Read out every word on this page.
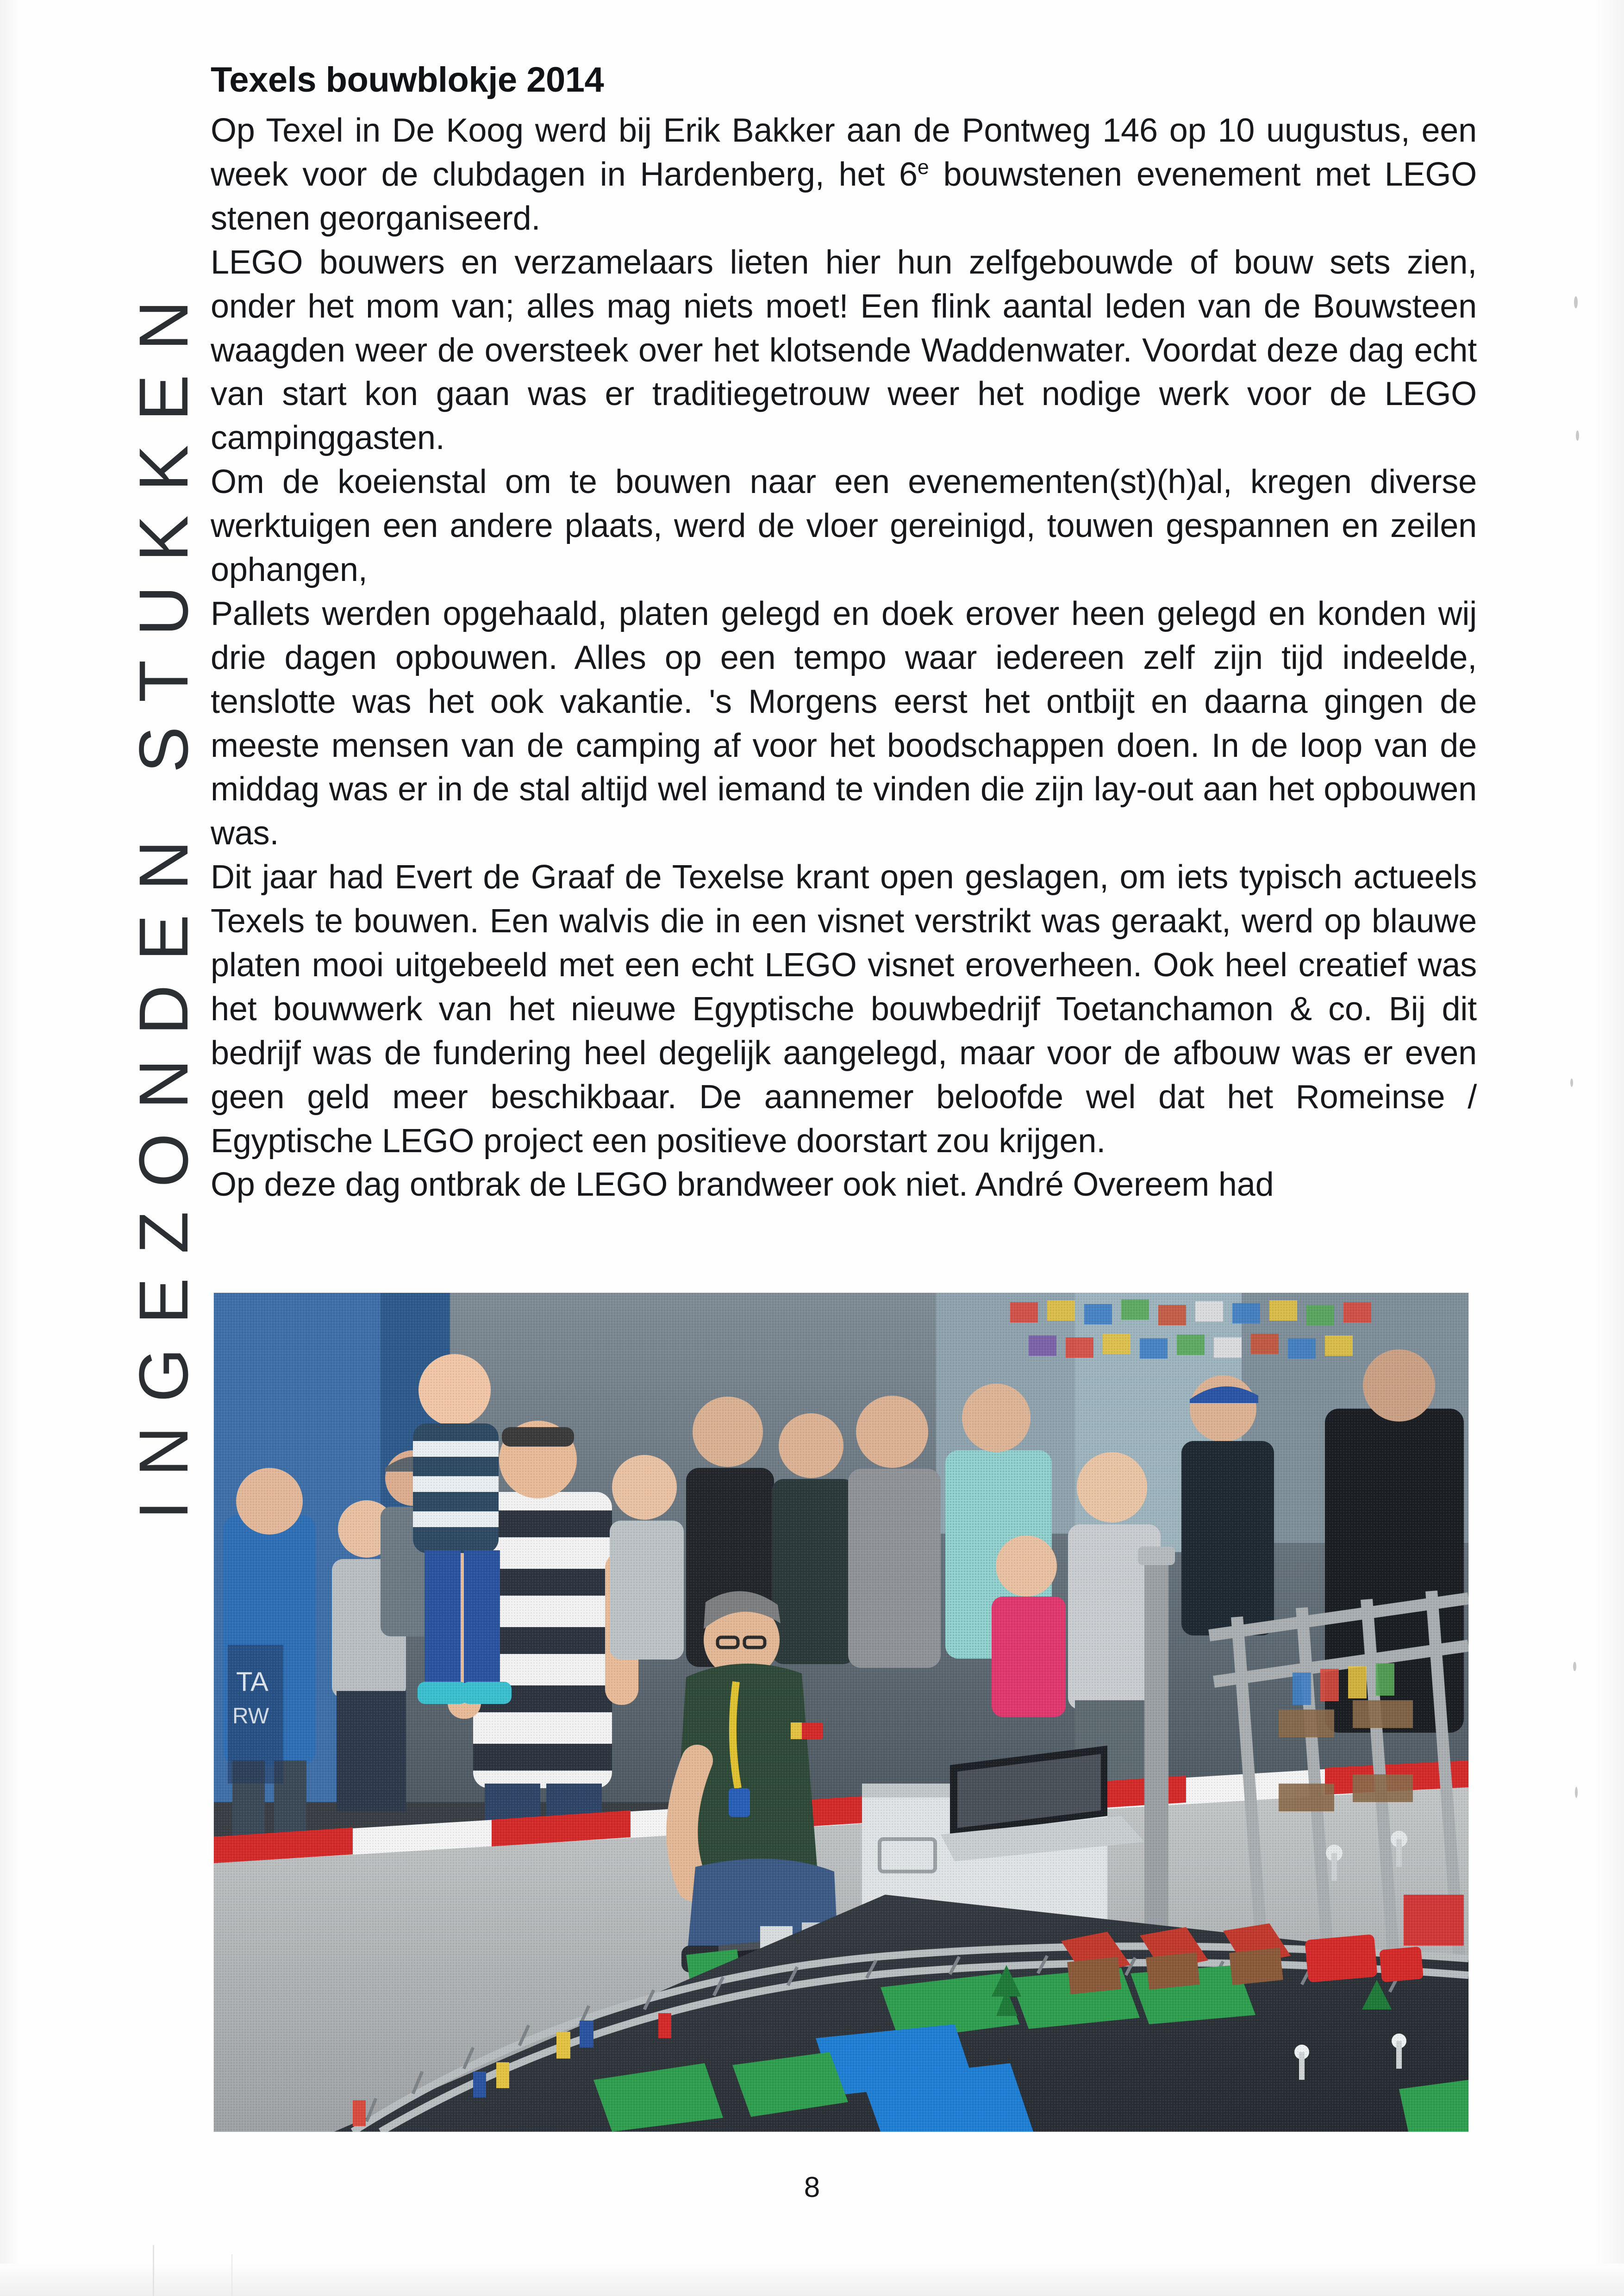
INGEZONDEN STUKKEN
Texels bouwblokje 2014

Op Texel in De Koog werd bij Erik Bakker aan de Pontweg 146 op 10 uugustus, een week voor de clubdagen in Hardenberg, het 6e bouwstenen evenement met LEGO stenen georganiseerd.

LEGO bouwers en verzamelaars lieten hier hun zelfgebouwde of bouw sets zien, onder het mom van; alles mag niets moet! Een flink aantal leden van de Bouwsteen waagden weer de oversteek over het klotsende Waddenwater. Voordat deze dag echt van start kon gaan was er traditiegetrouw weer het nodige werk voor de LEGO campinggasten.

Om de koeienstal om te bouwen naar een evenementen(st)(h)al, kregen diverse werktuigen een andere plaats, werd de vloer gereinigd, touwen gespannen en zeilen ophangen,

Pallets werden opgehaald, platen gelegd en doek erover heen gelegd en konden wij drie dagen opbouwen. Alles op een tempo waar iedereen zelf zijn tijd indeelde, tenslotte was het ook vakantie. 's Morgens eerst het ontbijt en daarna gingen de meeste mensen van de camping af voor het boodschappen doen. In de loop van de middag was er in de stal altijd wel iemand te vinden die zijn lay-out aan het opbouwen was.

Dit jaar had Evert de Graaf de Texelse krant open geslagen, om iets typisch actueels Texels te bouwen. Een walvis die in een visnet verstrikt was geraakt, werd op blauwe platen mooi uitgebeeld met een echt LEGO visnet eroverheen. Ook heel creatief was het bouwwerk van het nieuwe Egyptische bouwbedrijf Toetanchamon & co. Bij dit bedrijf was de fundering heel degelijk aangelegd, maar voor de afbouw was er even geen geld meer beschikbaar. De aannemer beloofde wel dat het Romeinse / Egyptische LEGO project een positieve doorstart zou krijgen.

Op deze dag ontbrak de LEGO brandweer ook niet. André Overeem had

8
